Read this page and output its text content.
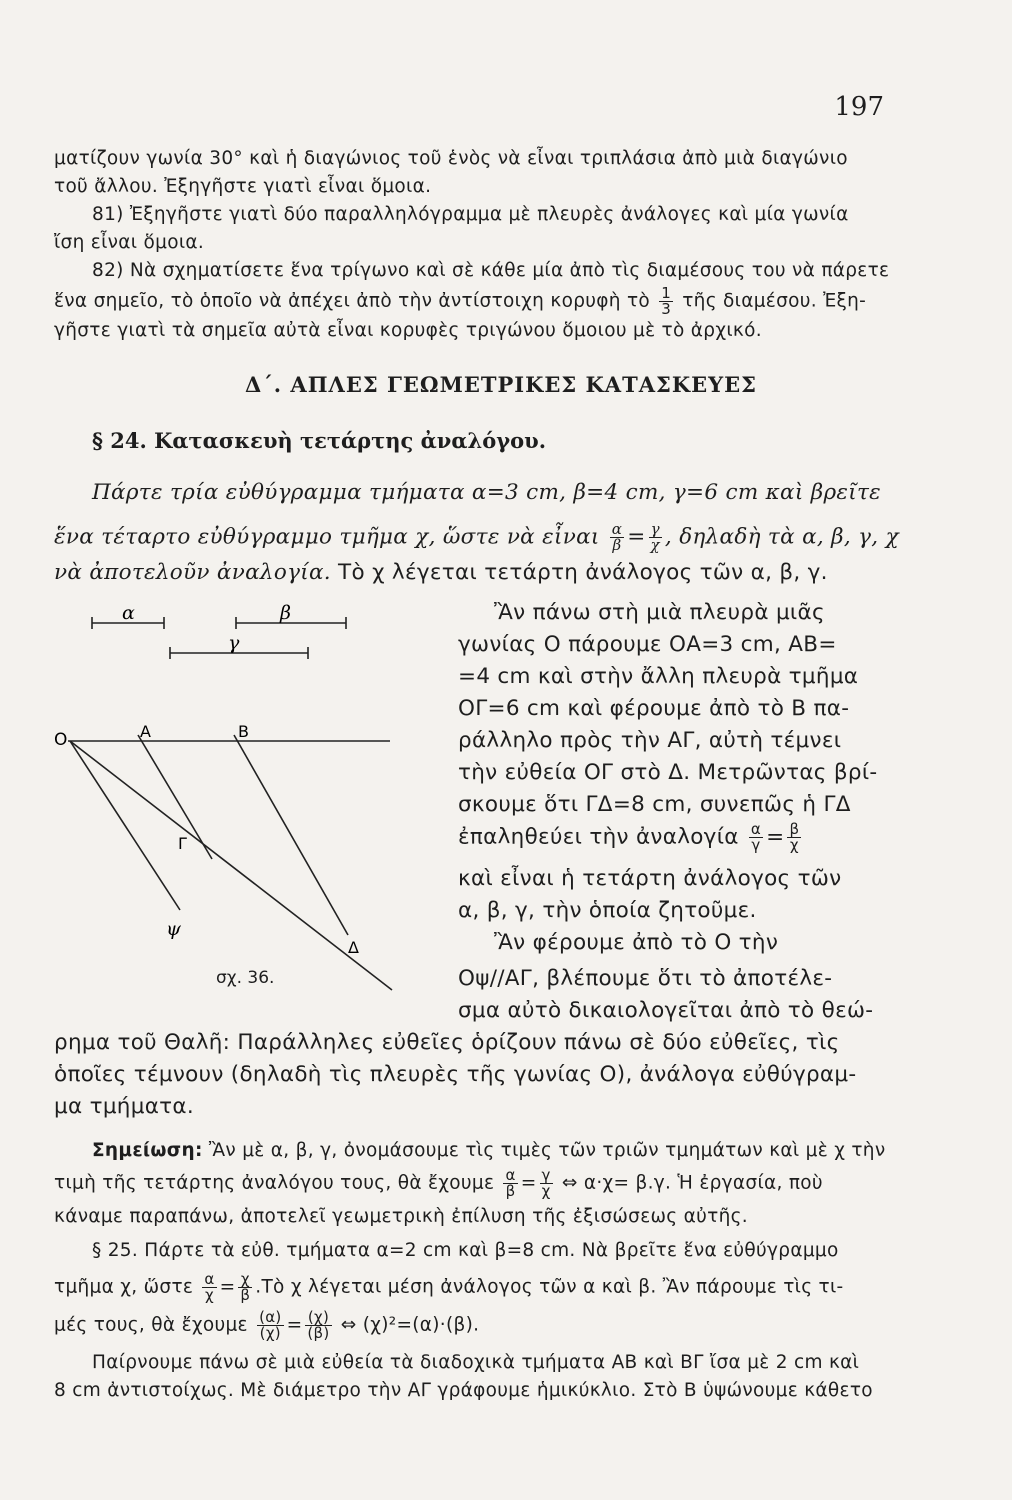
197
ματίζουν γωνία 30° καὶ ἡ διαγώνιος τοῦ ἑνὸς νὰ εἶναι τριπλάσια ἀπὸ μιὰ διαγώνιο
τοῦ ἄλλου. Ἐξηγῆστε γιατὶ εἶναι ὅμοια.
81) Ἐξηγῆστε γιατὶ δύο παραλληλόγραμμα μὲ πλευρὲς ἀνάλογες καὶ μία γωνία
ἴση εἶναι ὅμοια.
82) Νὰ σχηματίσετε ἕνα τρίγωνο καὶ σὲ κάθε μία ἀπὸ τὶς διαμέσους του νὰ πάρετε
ἕνα σημεῖο, τὸ ὁποῖο νὰ ἀπέχει ἀπὸ τὴν ἀντίστοιχη κορυφὴ τὸ $\frac{1}{3}$ τῆς διαμέσου. Ἐξη-
γῆστε γιατὶ τὰ σημεῖα αὐτὰ εἶναι κορυφὲς τριγώνου ὅμοιου μὲ τὸ ἀρχικό.
Δ΄. ΑΠΛΕΣ ΓΕΩΜΕΤΡΙΚΕΣ ΚΑΤΑΣΚΕΥΕΣ
§ 24. Κατασκευὴ τετάρτης ἀναλόγου.
Πάρτε τρία εὐθύγραμμα τμήματα α=3 cm, β=4 cm, γ=6 cm καὶ βρεῖτε
ἕνα τέταρτο εὐθύγραμμο τμῆμα χ, ὥστε νὰ εἶναι $\frac{\alpha}{\beta} = \frac{\gamma}{\chi}$ , δηλαδὴ τὰ α, β, γ, χ
νὰ ἀποτελοῦν ἀναλογία. Τὸ χ λέγεται τετάρτη ἀνάλογος τῶν α, β, γ.
Ο	Α	Β
Γ
Δ
ψ
α	β
γ
σχ. 36.
Ἂν πάνω στὴ μιὰ πλευρὰ μιᾶς
γωνίας Ο πάρουμε ΟΑ=3 cm, ΑΒ=
=4 cm καὶ στὴν ἄλλη πλευρὰ τμῆμα
ΟΓ=6 cm καὶ φέρουμε ἀπὸ τὸ Β πα-
ράλληλο πρὸς τὴν ΑΓ, αὐτὴ τέμνει
τὴν εὐθεία ΟΓ στὸ Δ. Μετρῶντας βρί-
σκουμε ὅτι ΓΔ=8 cm, συνεπῶς ἡ ΓΔ
ἐπαληθεύει τὴν ἀναλογία $\frac{\alpha}{\gamma} = \frac{\beta}{\chi}$
καὶ εἶναι ἡ τετάρτη ἀνάλογος τῶν
α, β, γ, τὴν ὁποία ζητοῦμε.
Ἂν φέρουμε ἀπὸ τὸ Ο τὴν
Οψ//ΑΓ, βλέπουμε ὅτι τὸ ἀποτέλε-
σμα αὐτὸ δικαιολογεῖται ἀπὸ τὸ θεώ-
ρημα τοῦ Θαλῆ: Παράλληλες εὐθεῖες ὁρίζουν πάνω σὲ δύο εὐθεῖες, τὶς
ὁποῖες τέμνουν (δηλαδὴ τὶς πλευρὲς τῆς γωνίας Ο), ἀνάλογα εὐθύγραμ-
μα τμήματα.
Σημείωση: Ἂν μὲ α, β, γ, ὀνομάσουμε τὶς τιμὲς τῶν τριῶν τμημάτων καὶ μὲ χ τὴν
τιμὴ τῆς τετάρτης ἀναλόγου τους, θὰ ἔχουμε $\frac{\alpha}{\beta} = \frac{\gamma}{\chi}$ ⇔ α·χ= β.γ. Ἡ ἐργασία, ποὺ
κάναμε παραπάνω, ἀποτελεῖ γεωμετρικὴ ἐπίλυση τῆς ἐξισώσεως αὐτῆς.
§ 25. Πάρτε τὰ εὐθ. τμήματα α=2 cm καὶ β=8 cm. Νὰ βρεῖτε ἕνα εὐθύγραμμο
τμῆμα χ, ὥστε $\frac{\alpha}{\chi} = \frac{\chi}{\beta}$ .Τὸ χ λέγεται μέση ἀνάλογος τῶν α καὶ β. Ἂν πάρουμε τὶς τι-
μές τους, θὰ ἔχουμε $\frac{(\alpha)}{(\chi)} = \frac{(\chi)}{(\beta)}$ ⇔ (χ)²=(α)·(β).
Παίρνουμε πάνω σὲ μιὰ εὐθεία τὰ διαδοχικὰ τμήματα ΑΒ καὶ ΒΓ ἴσα μὲ 2 cm καὶ
8 cm ἀντιστοίχως. Μὲ διάμετρο τὴν ΑΓ γράφουμε ἡμικύκλιο. Στὸ Β ὑψώνουμε κάθετο
